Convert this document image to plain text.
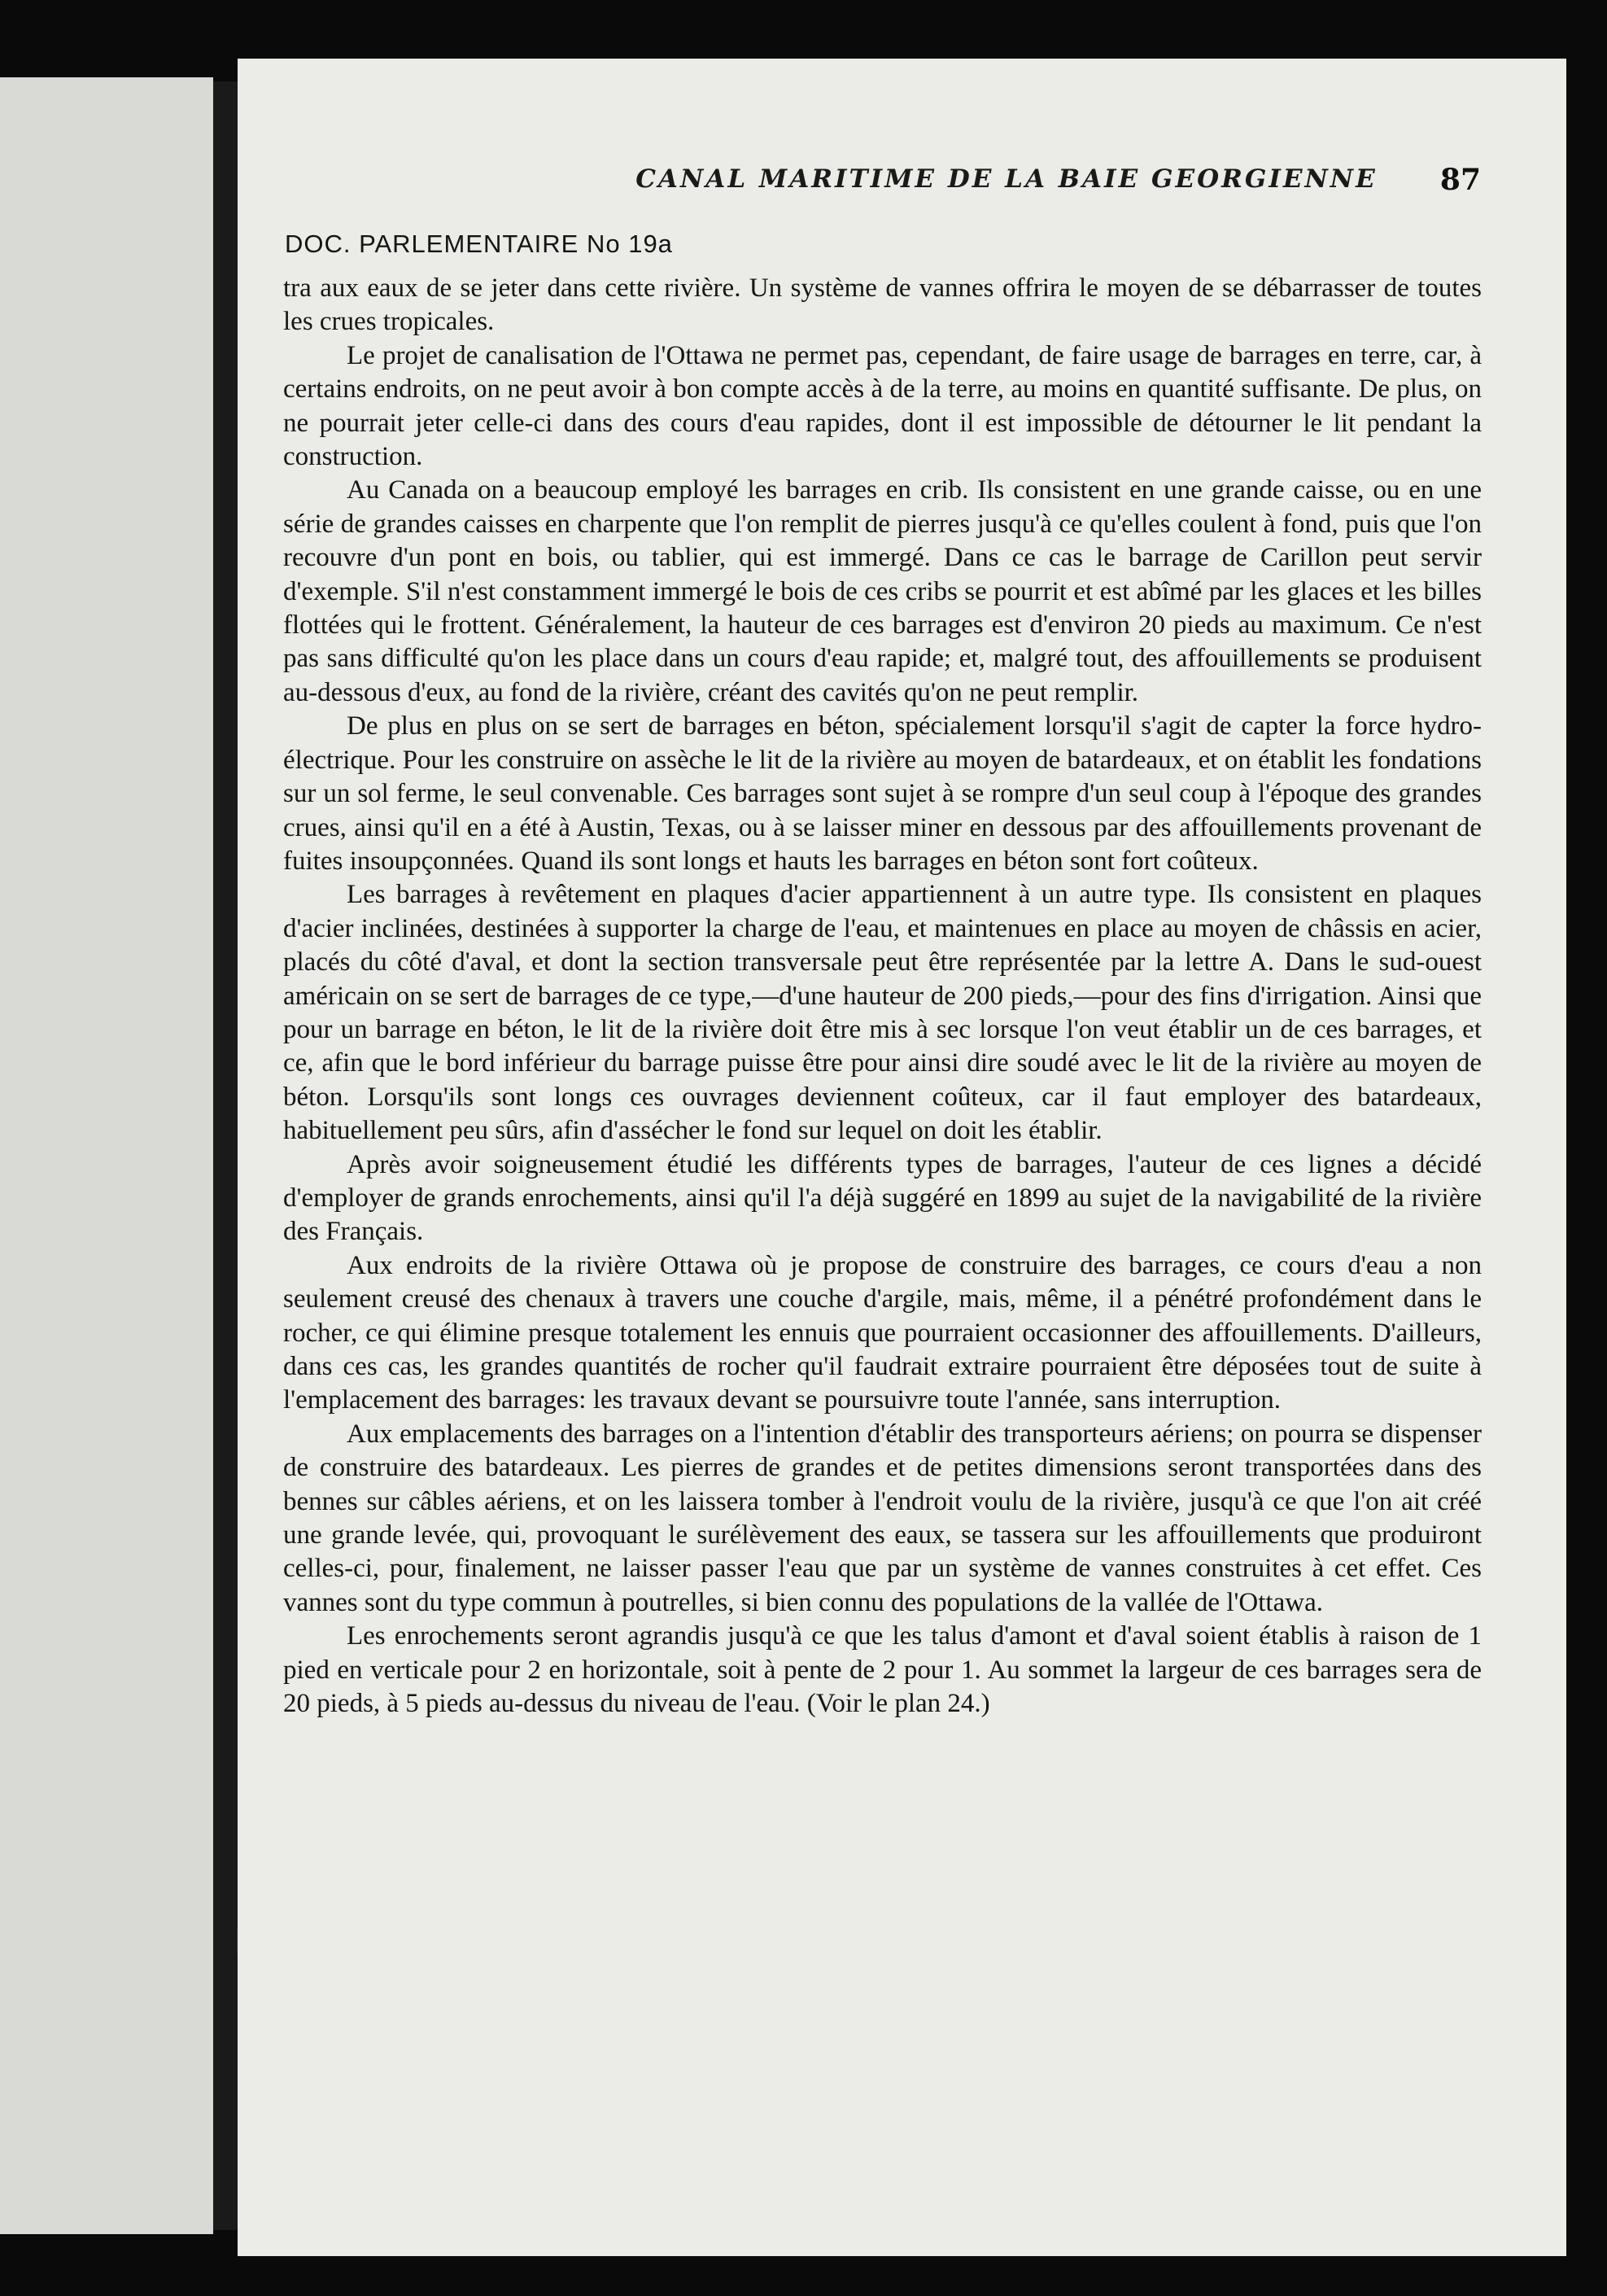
CANAL MARITIME DE LA BAIE GEORGIENNE	87
DOC. PARLEMENTAIRE No 19a

tra aux eaux de se jeter dans cette rivière. Un système de vannes offrira le moyen de se débarrasser de toutes les crues tropicales.

Le projet de canalisation de l'Ottawa ne permet pas, cependant, de faire usage de barrages en terre, car, à certains endroits, on ne peut avoir à bon compte accès à de la terre, au moins en quantité suffisante. De plus, on ne pourrait jeter celle-ci dans des cours d'eau rapides, dont il est impossible de détourner le lit pendant la construction.

Au Canada on a beaucoup employé les barrages en crib. Ils consistent en une grande caisse, ou en une série de grandes caisses en charpente que l'on remplit de pierres jusqu'à ce qu'elles coulent à fond, puis que l'on recouvre d'un pont en bois, ou tablier, qui est immergé. Dans ce cas le barrage de Carillon peut servir d'exemple. S'il n'est constamment immergé le bois de ces cribs se pourrit et est abîmé par les glaces et les billes flottées qui le frottent. Généralement, la hauteur de ces barrages est d'environ 20 pieds au maximum. Ce n'est pas sans difficulté qu'on les place dans un cours d'eau rapide; et, malgré tout, des affouillements se produisent au-dessous d'eux, au fond de la rivière, créant des cavités qu'on ne peut remplir.

De plus en plus on se sert de barrages en béton, spécialement lorsqu'il s'agit de capter la force hydro-électrique. Pour les construire on assèche le lit de la rivière au moyen de batardeaux, et on établit les fondations sur un sol ferme, le seul convenable. Ces barrages sont sujet à se rompre d'un seul coup à l'époque des grandes crues, ainsi qu'il en a été à Austin, Texas, ou à se laisser miner en dessous par des affouillements provenant de fuites insoupçonnées. Quand ils sont longs et hauts les barrages en béton sont fort coûteux.

Les barrages à revêtement en plaques d'acier appartiennent à un autre type. Ils consistent en plaques d'acier inclinées, destinées à supporter la charge de l'eau, et maintenues en place au moyen de châssis en acier, placés du côté d'aval, et dont la section transversale peut être représentée par la lettre A. Dans le sud-ouest américain on se sert de barrages de ce type,—d'une hauteur de 200 pieds,—pour des fins d'irrigation. Ainsi que pour un barrage en béton, le lit de la rivière doit être mis à sec lorsque l'on veut établir un de ces barrages, et ce, afin que le bord inférieur du barrage puisse être pour ainsi dire soudé avec le lit de la rivière au moyen de béton. Lorsqu'ils sont longs ces ouvrages deviennent coûteux, car il faut employer des batardeaux, habituellement peu sûrs, afin d'assécher le fond sur lequel on doit les établir.

Après avoir soigneusement étudié les différents types de barrages, l'auteur de ces lignes a décidé d'employer de grands enrochements, ainsi qu'il l'a déjà suggéré en 1899 au sujet de la navigabilité de la rivière des Français.

Aux endroits de la rivière Ottawa où je propose de construire des barrages, ce cours d'eau a non seulement creusé des chenaux à travers une couche d'argile, mais, même, il a pénétré profondément dans le rocher, ce qui élimine presque totalement les ennuis que pourraient occasionner des affouillements. D'ailleurs, dans ces cas, les grandes quantités de rocher qu'il faudrait extraire pourraient être déposées tout de suite à l'emplacement des barrages: les travaux devant se poursuivre toute l'année, sans interruption.

Aux emplacements des barrages on a l'intention d'établir des transporteurs aériens; on pourra se dispenser de construire des batardeaux. Les pierres de grandes et de petites dimensions seront transportées dans des bennes sur câbles aériens, et on les laissera tomber à l'endroit voulu de la rivière, jusqu'à ce que l'on ait créé une grande levée, qui, provoquant le surélèvement des eaux, se tassera sur les affouillements que produiront celles-ci, pour, finalement, ne laisser passer l'eau que par un système de vannes construites à cet effet. Ces vannes sont du type commun à poutrelles, si bien connu des populations de la vallée de l'Ottawa.

Les enrochements seront agrandis jusqu'à ce que les talus d'amont et d'aval soient établis à raison de 1 pied en verticale pour 2 en horizontale, soit à pente de 2 pour 1. Au sommet la largeur de ces barrages sera de 20 pieds, à 5 pieds au-dessus du niveau de l'eau. (Voir le plan 24.)
